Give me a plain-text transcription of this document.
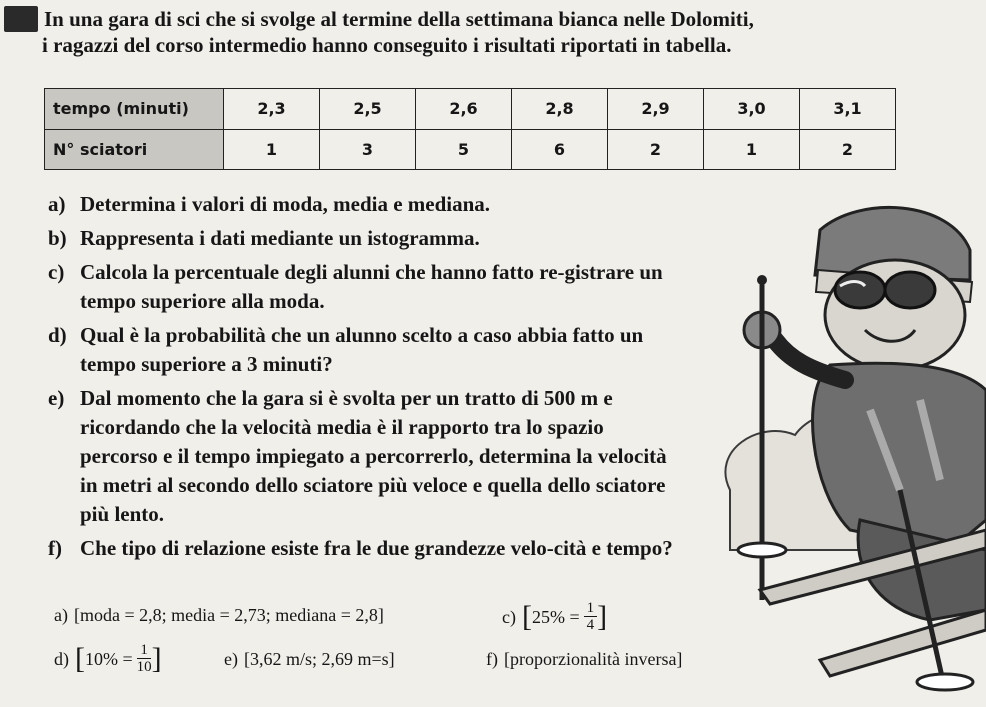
In una gara di sci che si svolge al termine della settimana bianca nelle Dolomiti,
i ragazzi del corso intermedio hanno conseguito i risultati riportati in tabella.
tempo (minuti)	2,3	2,5	2,6	2,8	2,9	3,0	3,1
N° sciatori	1	3	5	6	2	1	2
a) Determina i valori di moda, media e mediana.
b) Rappresenta i dati mediante un istogramma.
c) Calcola la percentuale degli alunni che hanno fatto re-gistrare un tempo superiore alla moda.
d) Qual è la probabilità che un alunno scelto a caso abbia fatto un tempo superiore a 3 minuti?
e) Dal momento che la gara si è svolta per un tratto di 500 m e ricordando che la velocità media è il rapporto tra lo spazio percorso e il tempo impiegato a percorrerlo, determina la velocità in metri al secondo dello sciatore più veloce e quella dello sciatore più lento.
f) Che tipo di relazione esiste fra le due grandezze velo-cità e tempo?
a) [moda = 2,8; media = 2,73; mediana = 2,8]	c) [ $25\% = \frac{1}{4}$ ]
d) [ $10\% = \frac{1}{10}$ ]	e) [3,62 m/s; 2,69 m=s]	f) [proporzionalità inversa]
